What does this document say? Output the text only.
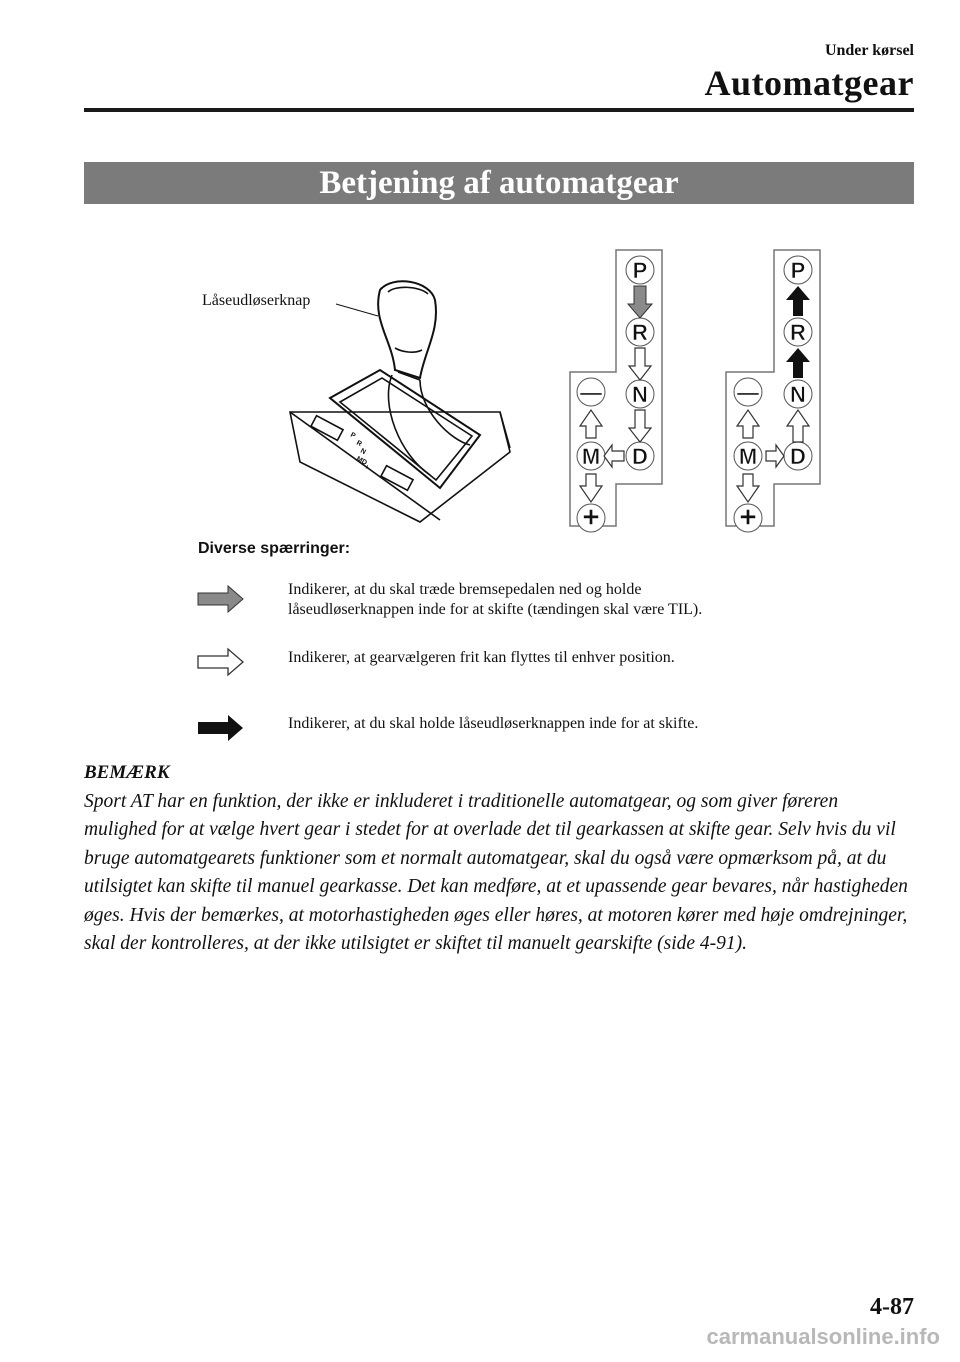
Under kørsel
Automatgear
Betjening af automatgear
P
R
N
MD
+
P
R
N
D
M
—
+
P
R
N
D
M
—
+
Låseudløserknap
Diverse spærringer:
Indikerer, at du skal træde bremsepedalen ned og holde
låseudløserknappen inde for at skifte (tændingen skal være TIL).
Indikerer, at gearvælgeren frit kan flyttes til enhver position.
Indikerer, at du skal holde låseudløserknappen inde for at skifte.
BEMÆRK
Sport AT har en funktion, der ikke er inkluderet i traditionelle automatgear, og som giver føreren mulighed for at vælge hvert gear i stedet for at overlade det til gearkassen at skifte gear. Selv hvis du vil bruge automatgearets funktioner som et normalt automatgear, skal du også være opmærksom på, at du utilsigtet kan skifte til manuel gearkasse. Det kan medføre, at et upassende gear bevares, når hastigheden øges. Hvis der bemærkes, at motorhastigheden øges eller høres, at motoren kører med høje omdrejninger, skal der kontrolleres, at der ikke utilsigtet er skiftet til manuelt gearskifte (side 4-91).
4-87
carmanualsonline.info
